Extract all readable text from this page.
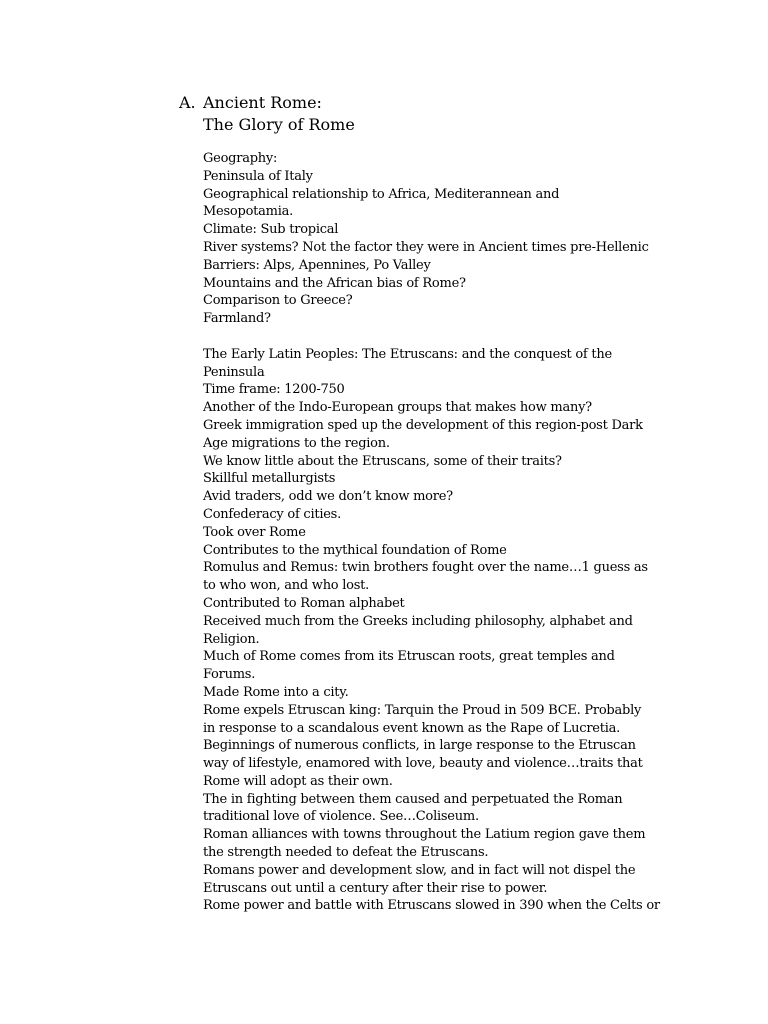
A. Ancient Rome:
The Glory of Rome
Geography:
Peninsula of Italy
Geographical relationship to Africa, Mediterannean and
Mesopotamia.
Climate: Sub tropical
River systems? Not the factor they were in Ancient times pre-Hellenic
Barriers: Alps, Apennines, Po Valley
Mountains and the African bias of Rome?
Comparison to Greece?
Farmland?
The Early Latin Peoples: The Etruscans: and the conquest of the
Peninsula
Time frame: 1200-750
Another of the Indo-European groups that makes how many?
Greek immigration sped up the development of this region-post Dark
Age migrations to the region.
We know little about the Etruscans, some of their traits?
Skillful metallurgists
Avid traders, odd we don’t know more?
Confederacy of cities.
Took over Rome
Contributes to the mythical foundation of Rome
Romulus and Remus: twin brothers fought over the name…1 guess as
to who won, and who lost.
Contributed to Roman alphabet
Received much from the Greeks including philosophy, alphabet and
Religion.
Much of Rome comes from its Etruscan roots, great temples and
Forums.
Made Rome into a city.
Rome expels Etruscan king: Tarquin the Proud in 509 BCE. Probably
in response to a scandalous event known as the Rape of Lucretia.
Beginnings of numerous conflicts, in large response to the Etruscan
way of lifestyle, enamored with love, beauty and violence…traits that
Rome will adopt as their own.
The in fighting between them caused and perpetuated the Roman
traditional love of violence. See…Coliseum.
Roman alliances with towns throughout the Latium region gave them
the strength needed to defeat the Etruscans.
Romans power and development slow, and in fact will not dispel the
Etruscans out until a century after their rise to power.
Rome power and battle with Etruscans slowed in 390 when the Celts or
